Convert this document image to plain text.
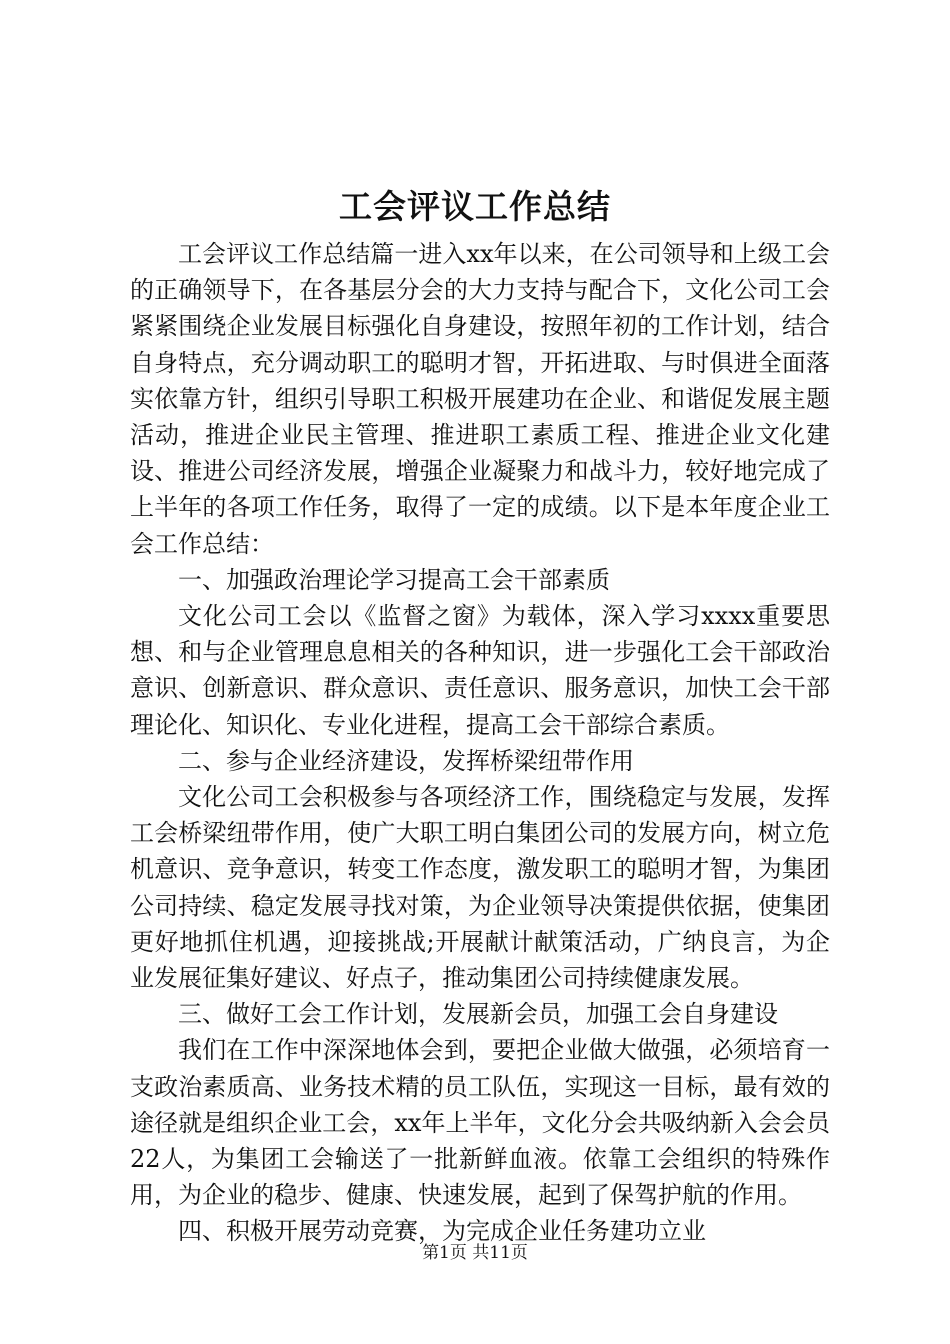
工会评议工作总结

工会评议工作总结篇一进入xx年以来，在公司领导和上级工会的正确领导下，在各基层分会的大力支持与配合下，文化公司工会紧紧围绕企业发展目标强化自身建设，按照年初的工作计划，结合自身特点，充分调动职工的聪明才智，开拓进取、与时俱进全面落实依靠方针，组织引导职工积极开展建功在企业、和谐促发展主题活动，推进企业民主管理、推进职工素质工程、推进企业文化建设、推进公司经济发展，增强企业凝聚力和战斗力，较好地完成了上半年的各项工作任务，取得了一定的成绩。以下是本年度企业工会工作总结：

一、加强政治理论学习提高工会干部素质

文化公司工会以《监督之窗》为载体，深入学习xxxx重要思想、和与企业管理息息相关的各种知识，进一步强化工会干部政治意识、创新意识、群众意识、责任意识、服务意识，加快工会干部理论化、知识化、专业化进程，提高工会干部综合素质。

二、参与企业经济建设，发挥桥梁纽带作用

文化公司工会积极参与各项经济工作，围绕稳定与发展，发挥工会桥梁纽带作用，使广大职工明白集团公司的发展方向，树立危机意识、竞争意识，转变工作态度，激发职工的聪明才智，为集团公司持续、稳定发展寻找对策，为企业领导决策提供依据，使集团更好地抓住机遇，迎接挑战;开展献计献策活动，广纳良言，为企业发展征集好建议、好点子，推动集团公司持续健康发展。

三、做好工会工作计划，发展新会员，加强工会自身建设

我们在工作中深深地体会到，要把企业做大做强，必须培育一支政治素质高、业务技术精的员工队伍，实现这一目标，最有效的途径就是组织企业工会，xx年上半年，文化分会共吸纳新入会会员22人，为集团工会输送了一批新鲜血液。依靠工会组织的特殊作用，为企业的稳步、健康、快速发展，起到了保驾护航的作用。

四、积极开展劳动竞赛，为完成企业任务建功立业

第1页 共11页
